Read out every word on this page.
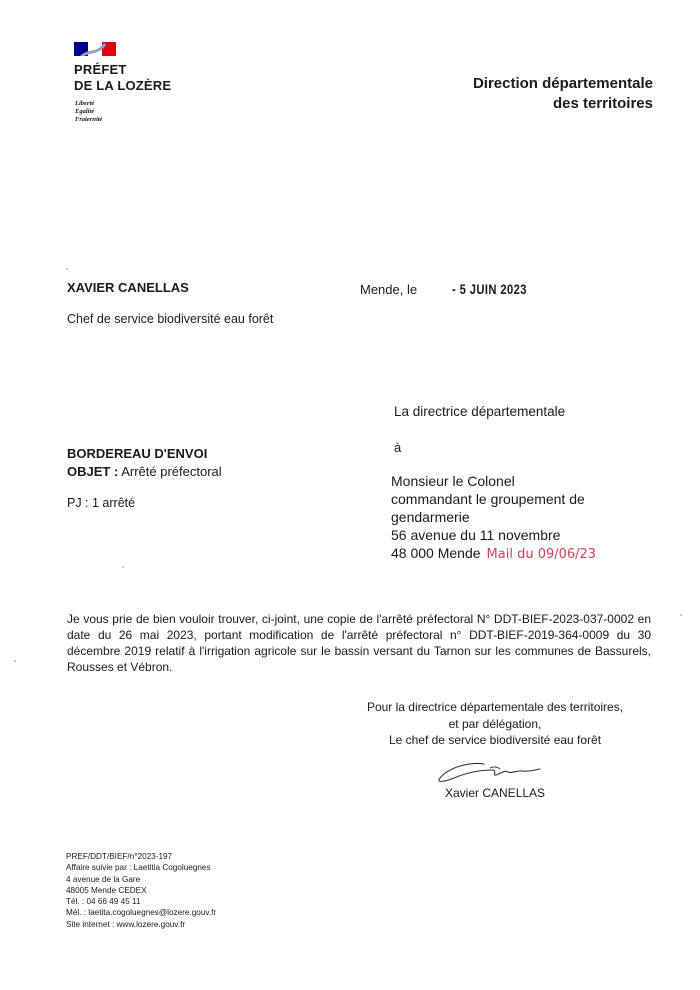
PRÉFET
DE LA LOZÈRE
Liberté
Égalité
Fraternité
Direction départementale
des territoires
XAVIER CANELLAS
Chef de service biodiversité eau forêt
Mende, le - 5 JUIN 2023
La directrice départementale
à
BORDEREAU D'ENVOI
OBJET : Arrêté préfectoral
PJ : 1 arrêté
Monsieur le Colonel
commandant le groupement de
gendarmerie
56 avenue du 11 novembre
48 000 Mende Mail du 09/06/23
Je vous prie de bien vouloir trouver, ci-joint, une copie de l'arrêté préfectoral N° DDT-BIEF-2023-037-0002 en date du 26 mai 2023, portant modification de l'arrêté préfectoral n° DDT-BIEF-2019-364-0009 du 30 décembre 2019 relatif à l'irrigation agricole sur le bassin versant du Tarnon sur les communes de Bassurels, Rousses et Vébron.
Pour la directrice départementale des territoires,
et par délégation,
Le chef de service biodiversité eau forêt
Xavier CANELLAS
PREF/DDT/BIEF/n°2023-197
Affaire suivie par : Laetitia Cogoluegnes
4 avenue de la Gare
48005 Mende CEDEX
Tél. : 04 66 49 45 11
Mél. : laetita.cogoluegnes@lozere.gouv.fr
Site internet : www.lozere.gouv.fr
